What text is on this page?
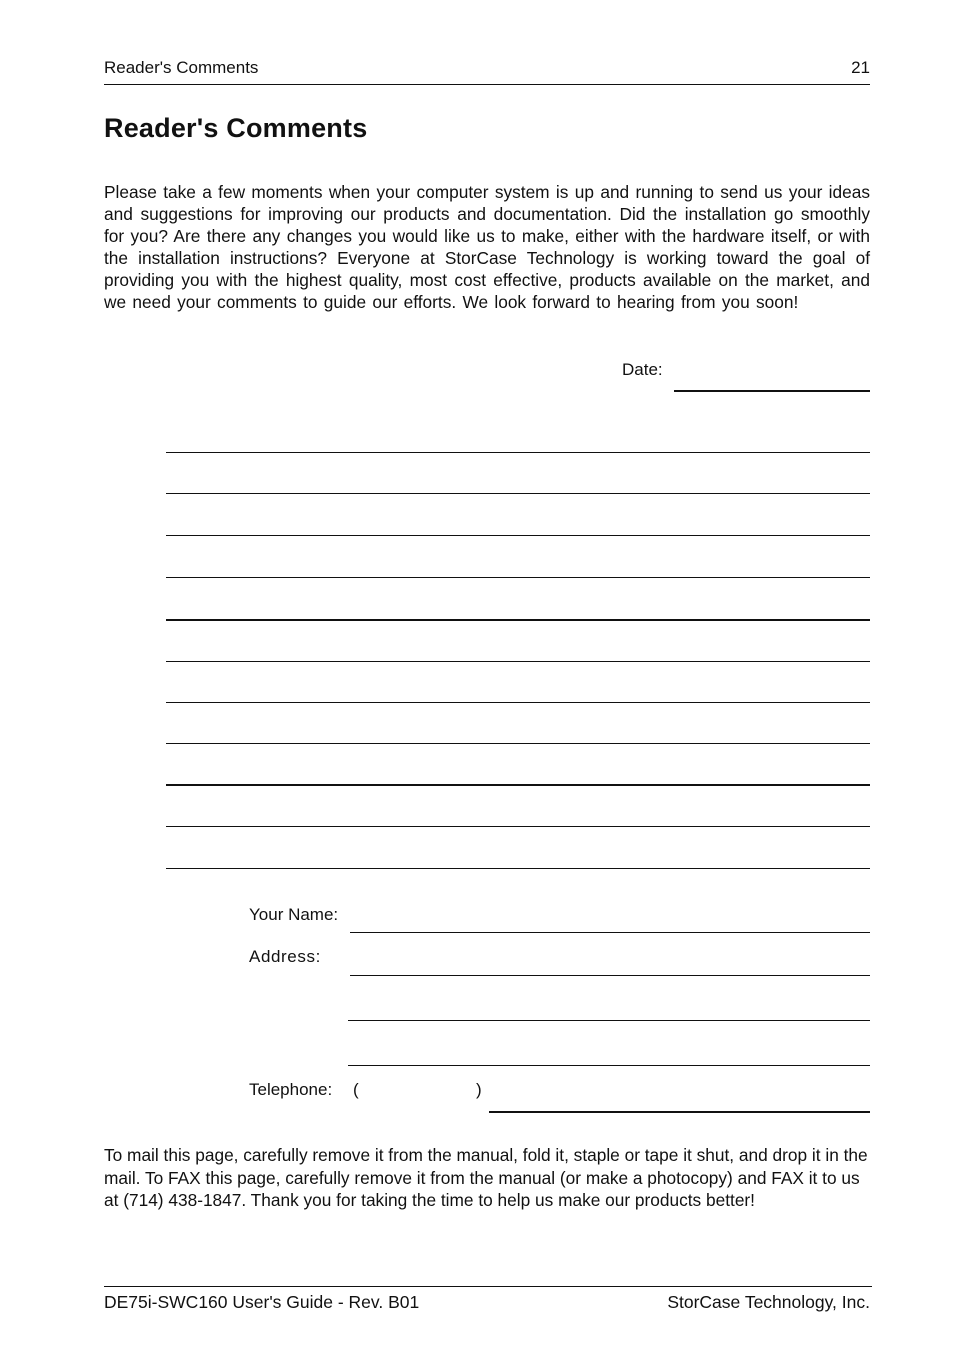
Reader's Comments	21
Reader's Comments

Please take a few moments when your computer system is up and running to send us your ideas and suggestions for improving our products and documentation. Did the installation go smoothly for you? Are there any changes you would like us to make, either with the hardware itself, or with the installation instructions? Everyone at StorCase Technology is working toward the goal of providing you with the highest quality, most cost effective, products available on the market, and we need your comments to guide our efforts. We look forward to hearing from you soon!

Date:
Your Name:
Address:
Telephone: (	)

To mail this page, carefully remove it from the manual, fold it, staple or tape it shut, and drop it in the mail. To FAX this page, carefully remove it from the manual (or make a photocopy) and FAX it to us at (714) 438-1847. Thank you for taking the time to help us make our products better!

DE75i-SWC160 User's Guide - Rev. B01	StorCase Technology, Inc.
